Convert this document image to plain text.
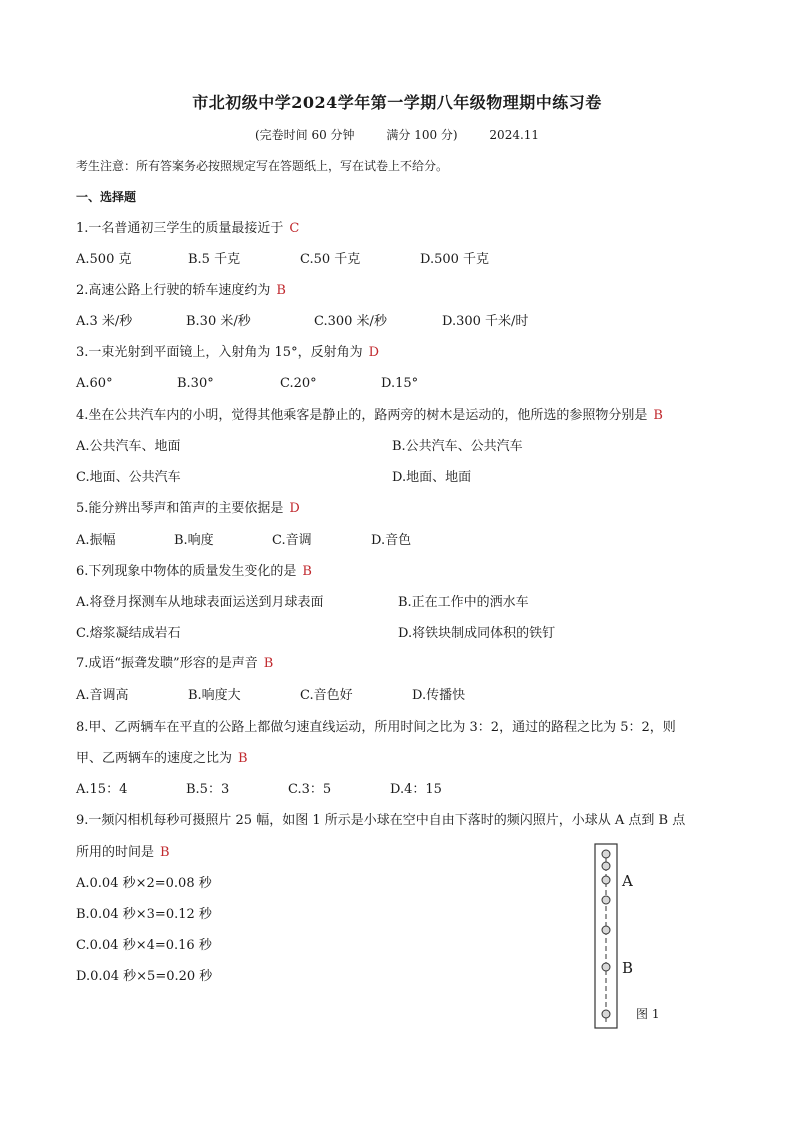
市北初级中学2024学年第一学期八年级物理期中练习卷
(完卷时间 60 分钟	满分 100 分)	2024.11
考生注意：所有答案务必按照规定写在答题纸上，写在试卷上不给分。
一、选择题
1.一名普通初三学生的质量最接近于 C
A.500 克	B.5 千克	C.50 千克	D.500 千克
2.高速公路上行驶的轿车速度约为 B
A.3 米/秒	B.30 米/秒	C.300 米/秒	D.300 千米/时
3.一束光射到平面镜上，入射角为 15°，反射角为 D
A.60°	B.30°	C.20°	D.15°
4.坐在公共汽车内的小明，觉得其他乘客是静止的，路两旁的树木是运动的，他所选的参照物分别是 B
A.公共汽车、地面	B.公共汽车、公共汽车
C.地面、公共汽车	D.地面、地面
5.能分辨出琴声和笛声的主要依据是 D
A.振幅	B.响度	C.音调	D.音色
6.下列现象中物体的质量发生变化的是 B
A.将登月探测车从地球表面运送到月球表面	B.正在工作中的洒水车
C.熔浆凝结成岩石	D.将铁块制成同体积的铁钉
7.成语“振聋发聩”形容的是声音 B
A.音调高	B.响度大	C.音色好	D.传播快
8.甲、乙两辆车在平直的公路上都做匀速直线运动，所用时间之比为 3：2，通过的路程之比为 5：2，则
甲、乙两辆车的速度之比为 B
A.15：4	B.5：3	C.3：5	D.4：15
9.一频闪相机每秒可摄照片 25 幅，如图 1 所示是小球在空中自由下落时的频闪照片，小球从 A 点到 B 点
所用的时间是 B
A.0.04 秒×2=0.08 秒
B.0.04 秒×3=0.12 秒
C.0.04 秒×4=0.16 秒
D.0.04 秒×5=0.20 秒
A
B
图 1
